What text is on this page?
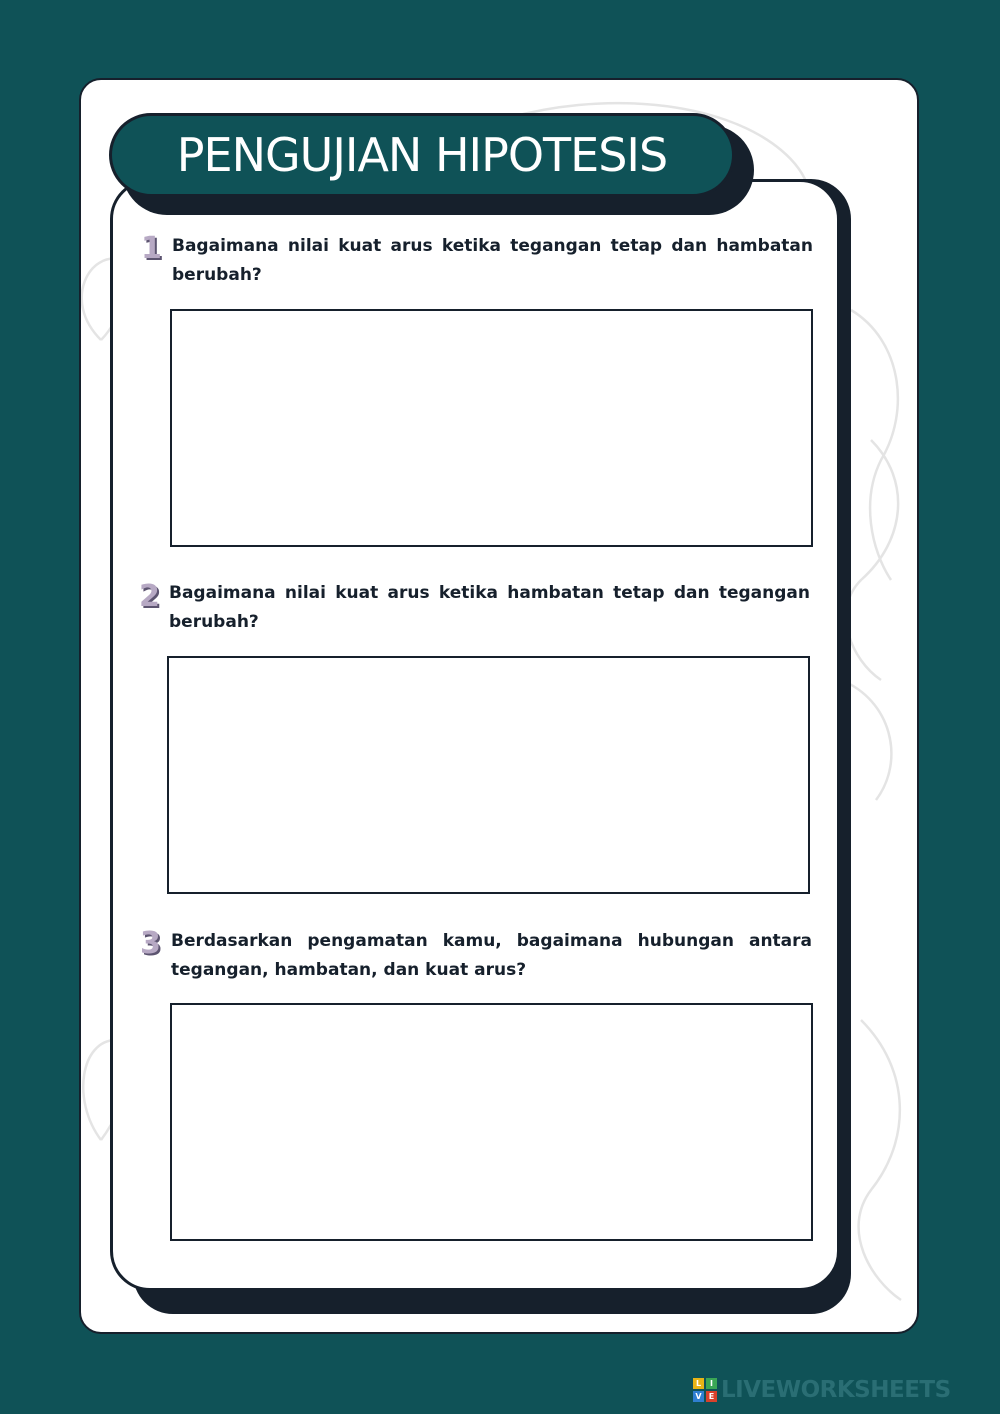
PENGUJIAN HIPOTESIS
1 Bagaimana nilai kuat arus ketika tegangan tetap dan hambatan berubah?
2 Bagaimana nilai kuat arus ketika hambatan tetap dan tegangan berubah?
3 Berdasarkan pengamatan kamu, bagaimana hubungan antara tegangan, hambatan, dan kuat arus?
L	I
V E LIVEWORKSHEETS
